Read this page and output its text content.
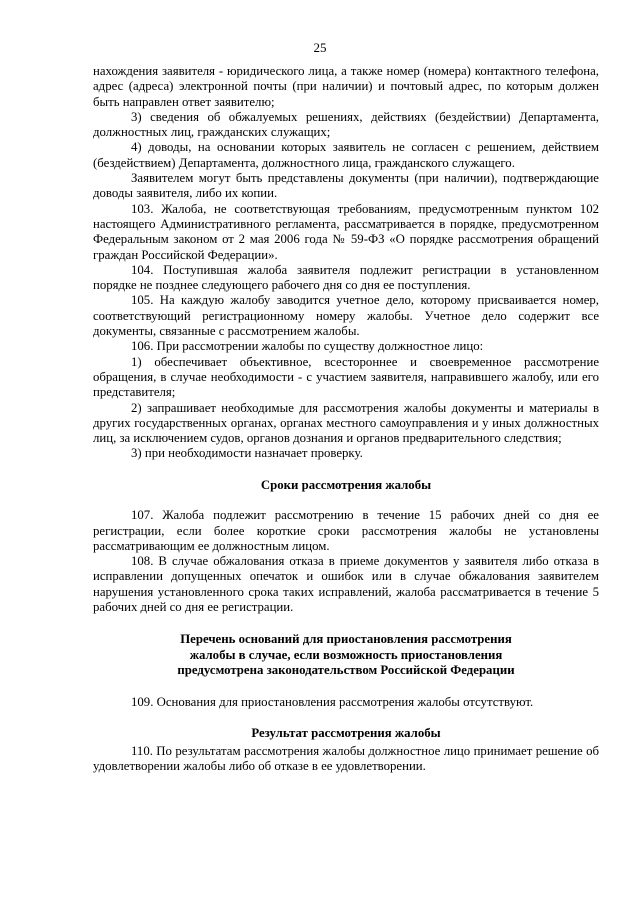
25

нахождения заявителя - юридического лица, а также номер (номера) контактного телефона, адрес (адреса) электронной почты (при наличии) и почтовый адрес, по которым должен быть направлен ответ заявителю;

3) сведения об обжалуемых решениях, действиях (бездействии) Департамента, должностных лиц, гражданских служащих;

4) доводы, на основании которых заявитель не согласен с решением, действием (бездействием) Департамента, должностного лица, гражданского служащего.

Заявителем могут быть представлены документы (при наличии), подтверждающие доводы заявителя, либо их копии.

103. Жалоба, не соответствующая требованиям, предусмотренным пунктом 102 настоящего Административного регламента, рассматривается в порядке, предусмотренном Федеральным законом от 2 мая 2006 года № 59-ФЗ «О порядке рассмотрения обращений граждан Российской Федерации».

104. Поступившая жалоба заявителя подлежит регистрации в установленном порядке не позднее следующего рабочего дня со дня ее поступления.

105. На каждую жалобу заводится учетное дело, которому присваивается номер, соответствующий регистрационному номеру жалобы. Учетное дело содержит все документы, связанные с рассмотрением жалобы.

106. При рассмотрении жалобы по существу должностное лицо:

1) обеспечивает объективное, всестороннее и своевременное рассмотрение обращения, в случае необходимости - с участием заявителя, направившего жалобу, или его представителя;

2) запрашивает необходимые для рассмотрения жалобы документы и материалы в других государственных органах, органах местного самоуправления и у иных должностных лиц, за исключением судов, органов дознания и органов предварительного следствия;

3) при необходимости назначает проверку.

Сроки рассмотрения жалобы

107. Жалоба подлежит рассмотрению в течение 15 рабочих дней со дня ее регистрации, если более короткие сроки рассмотрения жалобы не установлены рассматривающим ее должностным лицом.

108. В случае обжалования отказа в приеме документов у заявителя либо отказа в исправлении допущенных опечаток и ошибок или в случае обжалования заявителем нарушения установленного срока таких исправлений, жалоба рассматривается в течение 5 рабочих дней со дня ее регистрации.

Перечень оснований для приостановления рассмотрения
жалобы в случае, если возможность приостановления
предусмотрена законодательством Российской Федерации

109. Основания для приостановления рассмотрения жалобы отсутствуют.

Результат рассмотрения жалобы

110. По результатам рассмотрения жалобы должностное лицо принимает решение об удовлетворении жалобы либо об отказе в ее удовлетворении.
